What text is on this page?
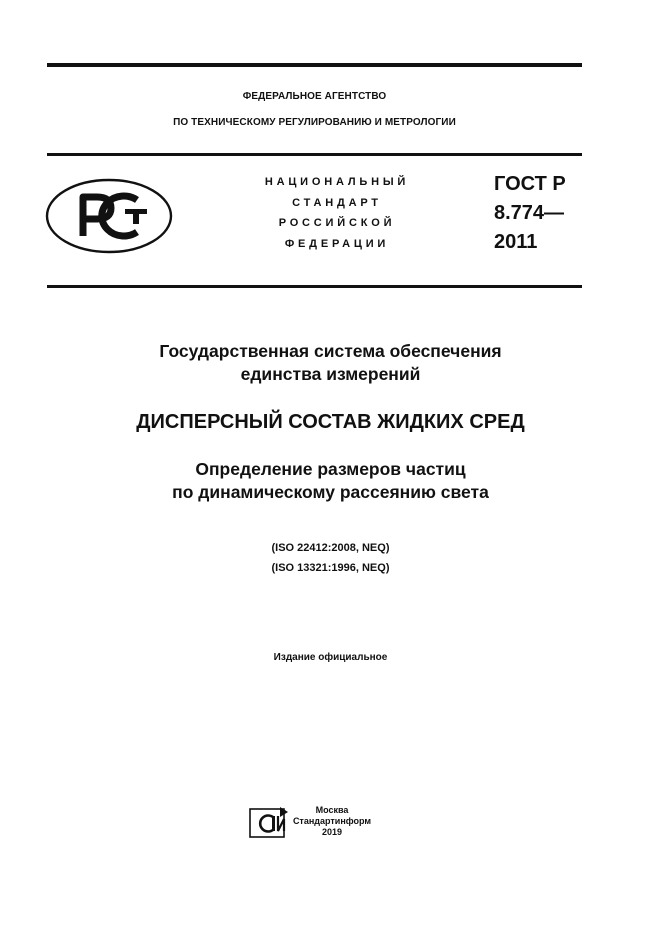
ФЕДЕРАЛЬНОЕ АГЕНТСТВО
ПО ТЕХНИЧЕСКОМУ РЕГУЛИРОВАНИЮ И МЕТРОЛОГИИ
НАЦИОНАЛЬНЫЙ
СТАНДАРТ
РОССИЙСКОЙ
ФЕДЕРАЦИИ
ГОСТ Р
8.774—
2011
Государственная система обеспечения
единства измерений
ДИСПЕРСНЫЙ СОСТАВ ЖИДКИХ СРЕД
Определение размеров частиц
по динамическому рассеянию света
(ISO 22412:2008, NEQ)
(ISO 13321:1996, NEQ)
Издание официальное
Москва
Стандартинформ
2019
